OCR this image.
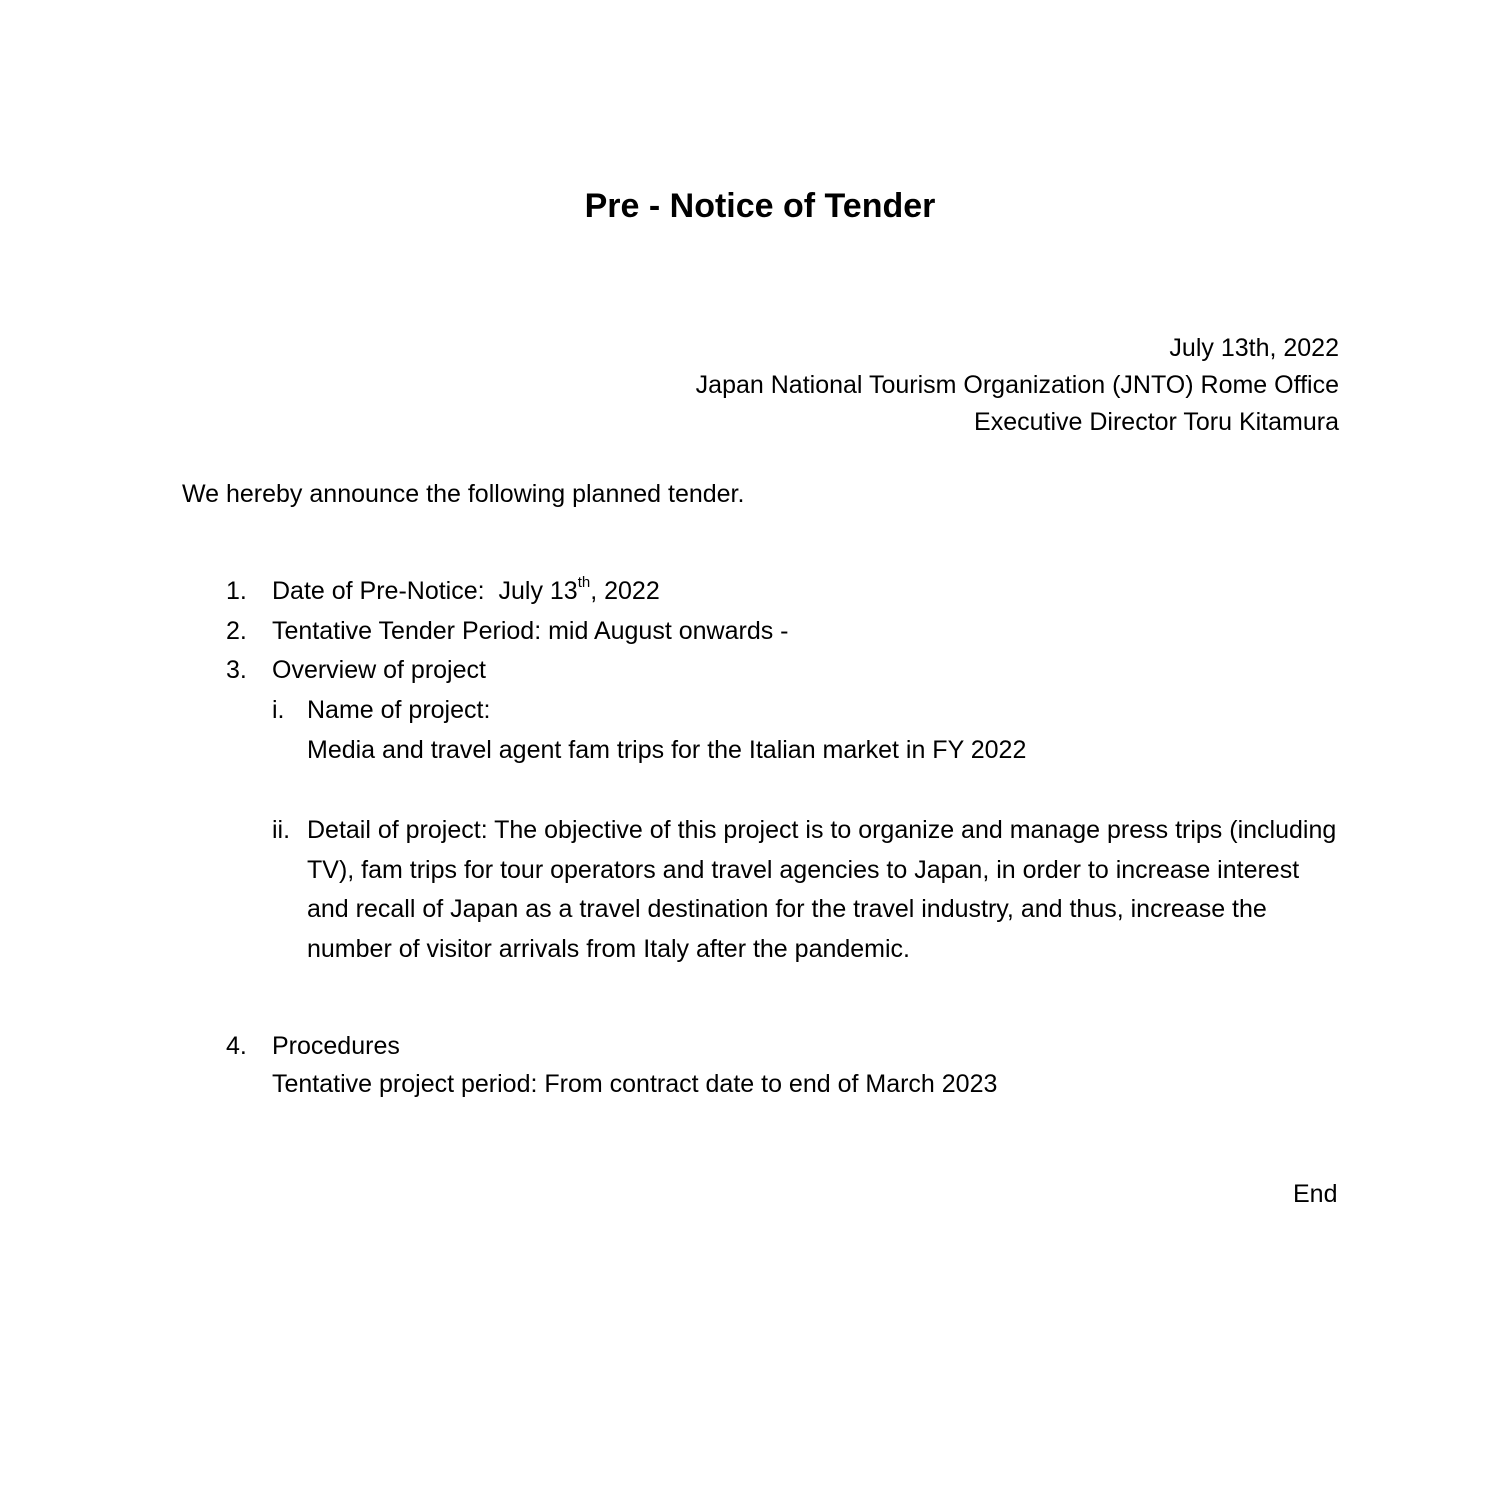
Pre - Notice of Tender
July 13th, 2022
Japan National Tourism Organization (JNTO) Rome Office
Executive Director Toru Kitamura
We hereby announce the following planned tender.
1. Date of Pre-Notice: July 13th, 2022
2. Tentative Tender Period: mid August onwards -
3. Overview of project
i. Name of project:
Media and travel agent fam trips for the Italian market in FY 2022
ii. Detail of project: The objective of this project is to organize and manage press trips (including TV), fam trips for tour operators and travel agencies to Japan, in order to increase interest and recall of Japan as a travel destination for the travel industry, and thus, increase the number of visitor arrivals from Italy after the pandemic.
4. Procedures
Tentative project period: From contract date to end of March 2023
End
